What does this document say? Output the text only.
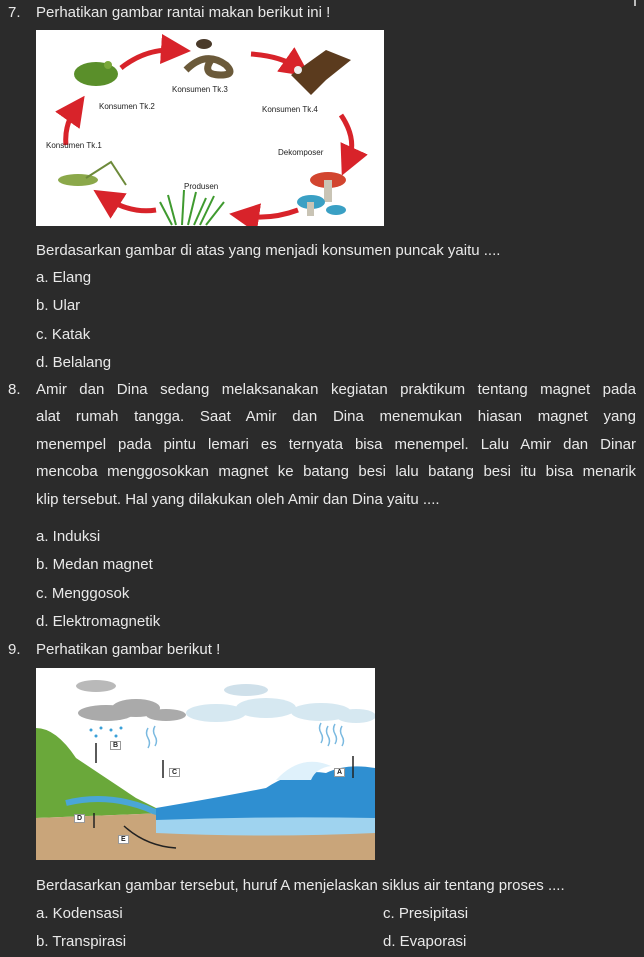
7. Perhatikan gambar rantai makan berikut ini !
Konsumen Tk.3
Konsumen Tk.2	Konsumen Tk.4
Konsumen Tk.1
Dekomposer
Produsen
Berdasarkan gambar di atas yang menjadi konsumen puncak yaitu ....
a. Elang
b. Ular
c. Katak
d. Belalang
8. Amir dan Dina sedang melaksanakan kegiatan praktikum tentang magnet pada
alat rumah tangga. Saat Amir dan Dina menemukan hiasan magnet yang
menempel pada pintu lemari es ternyata bisa menempel. Lalu Amir dan Dinar
mencoba menggosokkan magnet ke batang besi lalu batang besi itu bisa menarik
klip tersebut. Hal yang dilakukan oleh Amir dan Dina yaitu ....
a. Induksi
b. Medan magnet
c. Menggosok
d. Elektromagnetik
9. Perhatikan gambar berikut !
B
C	A
D
E
Berdasarkan gambar tersebut, huruf A menjelaskan siklus air tentang proses ....
a. Kodensasi
b. Transpirasi
c. Presipitasi
d. Evaporasi
